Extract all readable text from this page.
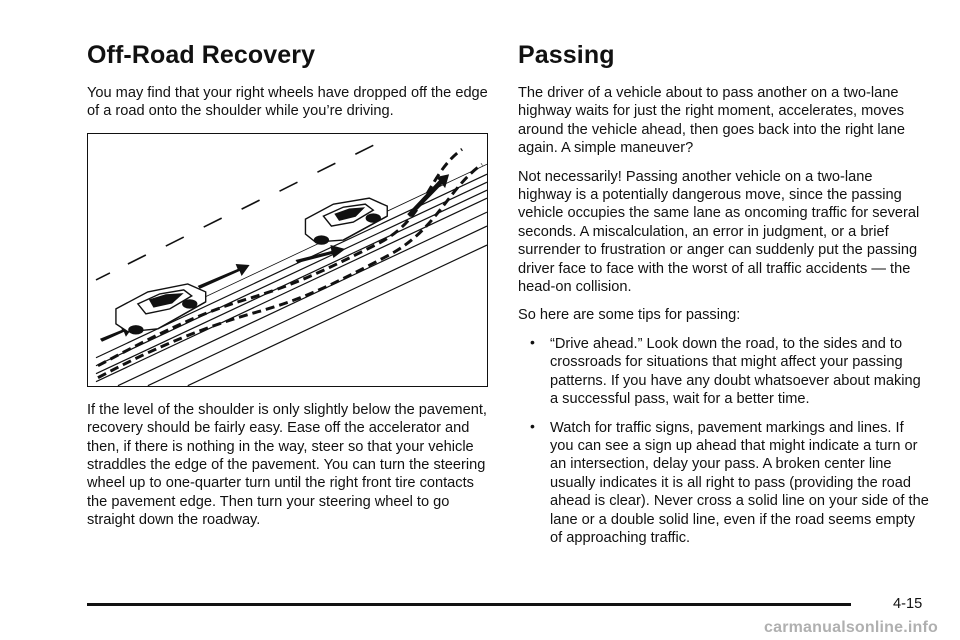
Off-Road Recovery

You may find that your right wheels have dropped off the edge of a road onto the shoulder while you’re driving.

If the level of the shoulder is only slightly below the pavement, recovery should be fairly easy. Ease off the accelerator and then, if there is nothing in the way, steer so that your vehicle straddles the edge of the pavement. You can turn the steering wheel up to one-quarter turn until the right front tire contacts the pavement edge. Then turn your steering wheel to go straight down the roadway.

Passing

The driver of a vehicle about to pass another on a two-lane highway waits for just the right moment, accelerates, moves around the vehicle ahead, then goes back into the right lane again. A simple maneuver?

Not necessarily! Passing another vehicle on a two-lane highway is a potentially dangerous move, since the passing vehicle occupies the same lane as oncoming traffic for several seconds. A miscalculation, an error in judgment, or a brief surrender to frustration or anger can suddenly put the passing driver face to face with the worst of all traffic accidents — the head-on collision.

So here are some tips for passing:

• “Drive ahead.” Look down the road, to the sides and to crossroads for situations that might affect your passing patterns. If you have any doubt whatsoever about making a successful pass, wait for a better time.
• Watch for traffic signs, pavement markings and lines. If you can see a sign up ahead that might indicate a turn or an intersection, delay your pass. A broken center line usually indicates it is all right to pass (providing the road ahead is clear). Never cross a solid line on your side of the lane or a double solid line, even if the road seems empty of approaching traffic.
4-15
carmanualsonline.info
